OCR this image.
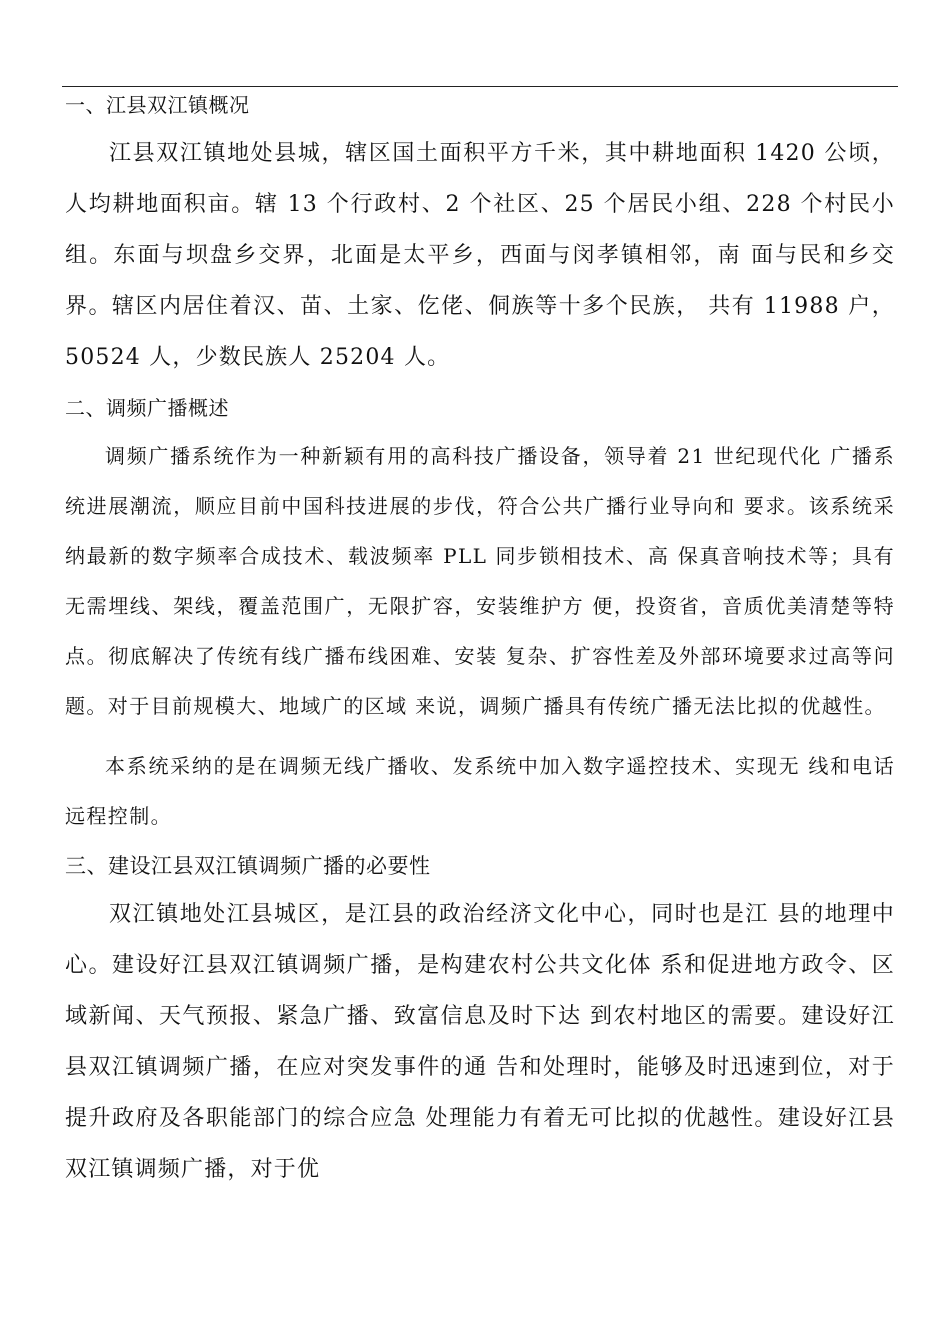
一、江县双江镇概况

江县双江镇地处县城，辖区国土面积平方千米，其中耕地面积 1420 公顷，人均耕地面积亩。辖 13 个行政村、2 个社区、25 个居民小组、228 个村民小组。东面与坝盘乡交界，北面是太平乡，西面与闵孝镇相邻，南 面与民和乡交界。辖区内居住着汉、苗、土家、仡佬、侗族等十多个民族， 共有 11988 户，50524 人，少数民族人 25204 人。

二、调频广播概述

调频广播系统作为一种新颖有用的高科技广播设备，领导着 21 世纪现代化 广播系统进展潮流，顺应目前中国科技进展的步伐，符合公共广播行业导向和 要求。该系统采纳最新的数字频率合成技术、载波频率 PLL 同步锁相技术、高 保真音响技术等；具有无需埋线、架线，覆盖范围广，无限扩容，安装维护方 便，投资省，音质优美清楚等特点。彻底解决了传统有线广播布线困难、安装 复杂、扩容性差及外部环境要求过高等问题。对于目前规模大、地域广的区域 来说，调频广播具有传统广播无法比拟的优越性。

本系统采纳的是在调频无线广播收、发系统中加入数字遥控技术、实现无 线和电话远程控制。

三、建设江县双江镇调频广播的必要性

双江镇地处江县城区，是江县的政治经济文化中心，同时也是江 县的地理中心。建设好江县双江镇调频广播，是构建农村公共文化体 系和促进地方政令、区域新闻、天气预报、紧急广播、致富信息及时下达 到农村地区的需要。建设好江县双江镇调频广播，在应对突发事件的通 告和处理时，能够及时迅速到位，对于提升政府及各职能部门的综合应急 处理能力有着无可比拟的优越性。建设好江县双江镇调频广播，对于优
